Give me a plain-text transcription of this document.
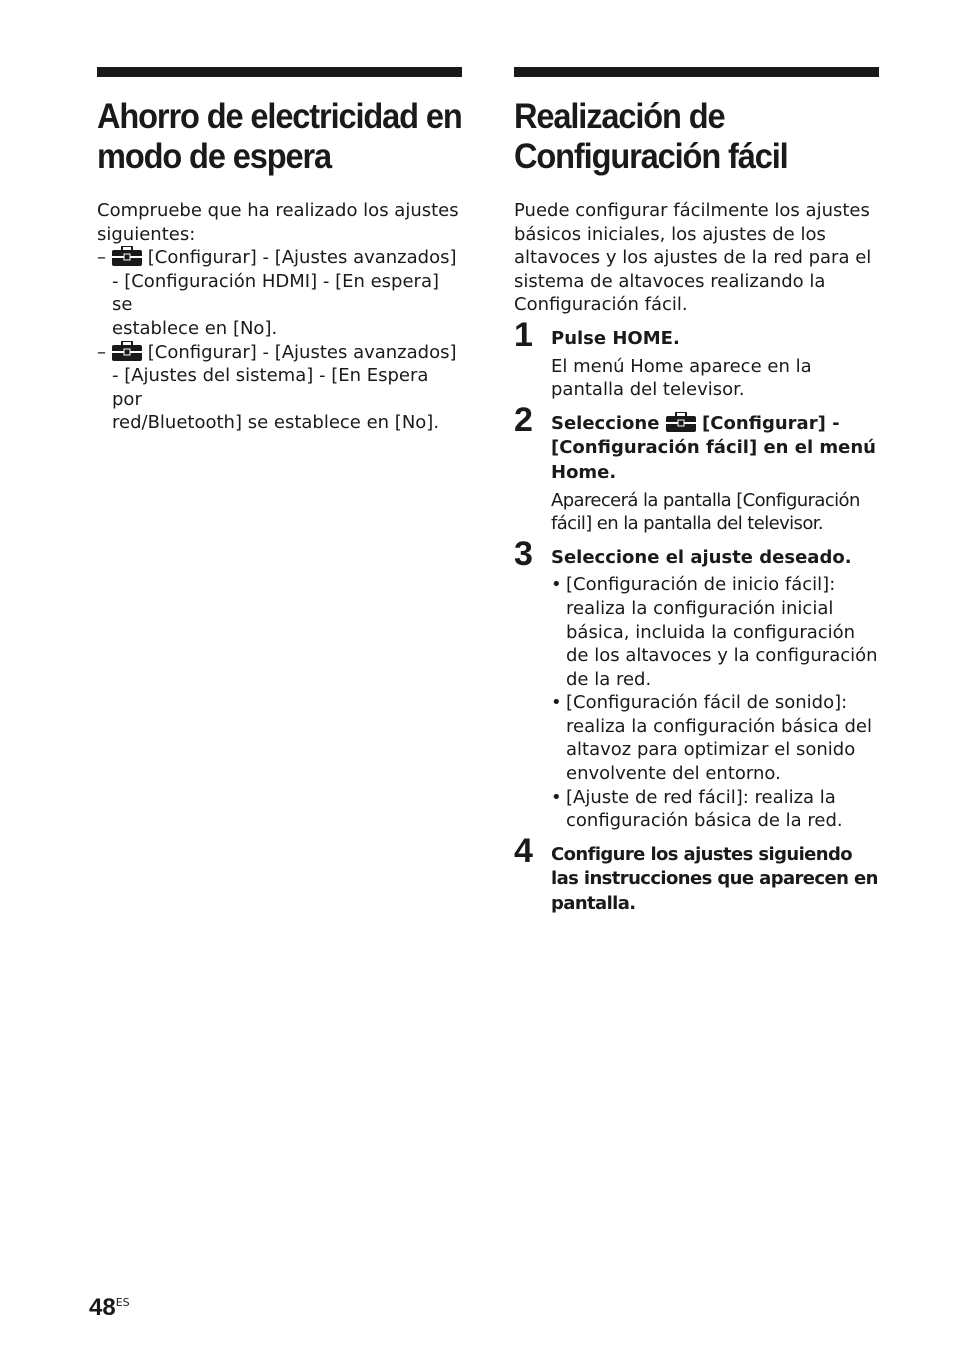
Ahorro de electricidad en
modo de espera
Compruebe que ha realizado los ajustes siguientes:
– [Configurar] - [Ajustes avanzados]
- [Configuración HDMI] - [En espera] se
establece en [No].
– [Configurar] - [Ajustes avanzados]
- [Ajustes del sistema] - [En Espera por
red/Bluetooth] se establece en [No].
Realización de
Configuración fácil
Puede configurar fácilmente los ajustes básicos iniciales, los ajustes de los altavoces y los ajustes de la red para el sistema de altavoces realizando la Configuración fácil.
1 Pulse HOME.
El menú Home aparece en la pantalla del televisor.
2 Seleccione [Configurar] - [Configuración fácil] en el menú Home.
Aparecerá la pantalla [Configuración fácil] en la pantalla del televisor.
3 Seleccione el ajuste deseado.
• [Configuración de inicio fácil]: realiza la configuración inicial básica, incluida la configuración de los altavoces y la configuración de la red.
• [Configuración fácil de sonido]: realiza la configuración básica del altavoz para optimizar el sonido envolvente del entorno.
• [Ajuste de red fácil]: realiza la configuración básica de la red.
4 Configure los ajustes siguiendo las instrucciones que aparecen en pantalla.
$48^{ES}$
